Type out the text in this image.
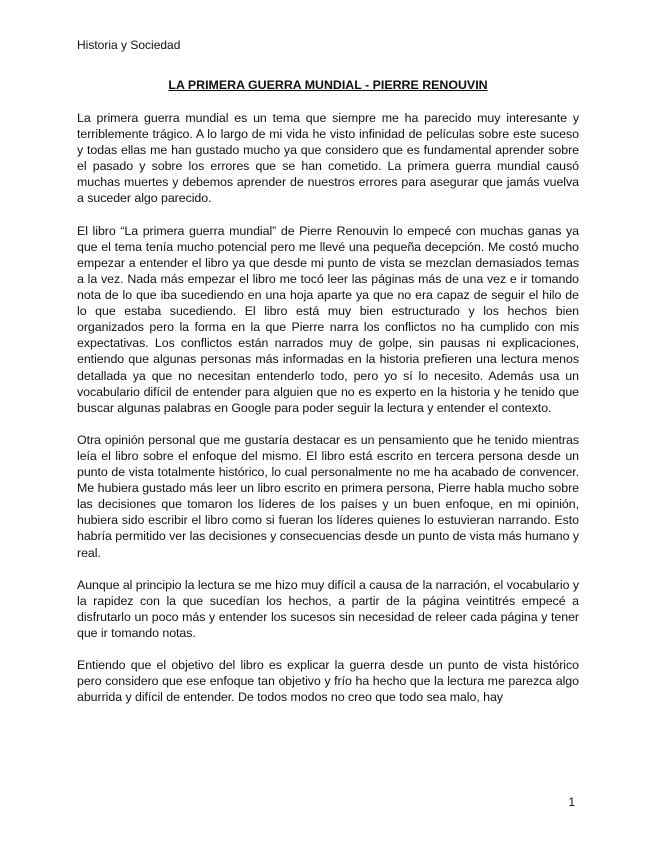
Historia y Sociedad
LA PRIMERA GUERRA MUNDIAL - PIERRE RENOUVIN

La primera guerra mundial es un tema que siempre me ha parecido muy interesante y terriblemente trágico. A lo largo de mi vida he visto infinidad de películas sobre este suceso y todas ellas me han gustado mucho ya que considero que es fundamental aprender sobre el pasado y sobre los errores que se han cometido. La primera guerra mundial causó muchas muertes y debemos aprender de nuestros errores para asegurar que jamás vuelva a suceder algo parecido.

El libro “La primera guerra mundial” de Pierre Renouvin lo empecé con muchas ganas ya que el tema tenía mucho potencial pero me llevé una pequeña decepción. Me costó mucho empezar a entender el libro ya que desde mi punto de vista se mezclan demasiados temas a la vez. Nada más empezar el libro me tocó leer las páginas más de una vez e ir tomando nota de lo que iba sucediendo en una hoja aparte ya que no era capaz de seguir el hilo de lo que estaba sucediendo. El libro está muy bien estructurado y los hechos bien organizados pero la forma en la que Pierre narra los conflictos no ha cumplido con mis expectativas. Los conflictos están narrados muy de golpe, sin pausas ni explicaciones, entiendo que algunas personas más informadas en la historia prefieren una lectura menos detallada ya que no necesitan entenderlo todo, pero yo sí lo necesito. Además usa un vocabulario difícil de entender para alguien que no es experto en la historia y he tenido que buscar algunas palabras en Google para poder seguir la lectura y entender el contexto.

Otra opinión personal que me gustaría destacar es un pensamiento que he tenido mientras leía el libro sobre el enfoque del mismo. El libro está escrito en tercera persona desde un punto de vista totalmente histórico, lo cual personalmente no me ha acabado de convencer. Me hubiera gustado más leer un libro escrito en primera persona, Pierre habla mucho sobre las decisiones que tomaron los líderes de los países y un buen enfoque, en mi opinión, hubiera sido escribir el libro como si fueran los líderes quienes lo estuvieran narrando. Esto habría permitido ver las decisiones y consecuencias desde un punto de vista más humano y real.

Aunque al principio la lectura se me hizo muy difícil a causa de la narración, el vocabulario y la rapidez con la que sucedían los hechos, a partir de la página veintitrés empecé a disfrutarlo un poco más y entender los sucesos sin necesidad de releer cada página y tener que ir tomando notas.

Entiendo que el objetivo del libro es explicar la guerra desde un punto de vista histórico pero considero que ese enfoque tan objetivo y frío ha hecho que la lectura me parezca algo aburrida y difícil de entender. De todos modos no creo que todo sea malo, hay

1
